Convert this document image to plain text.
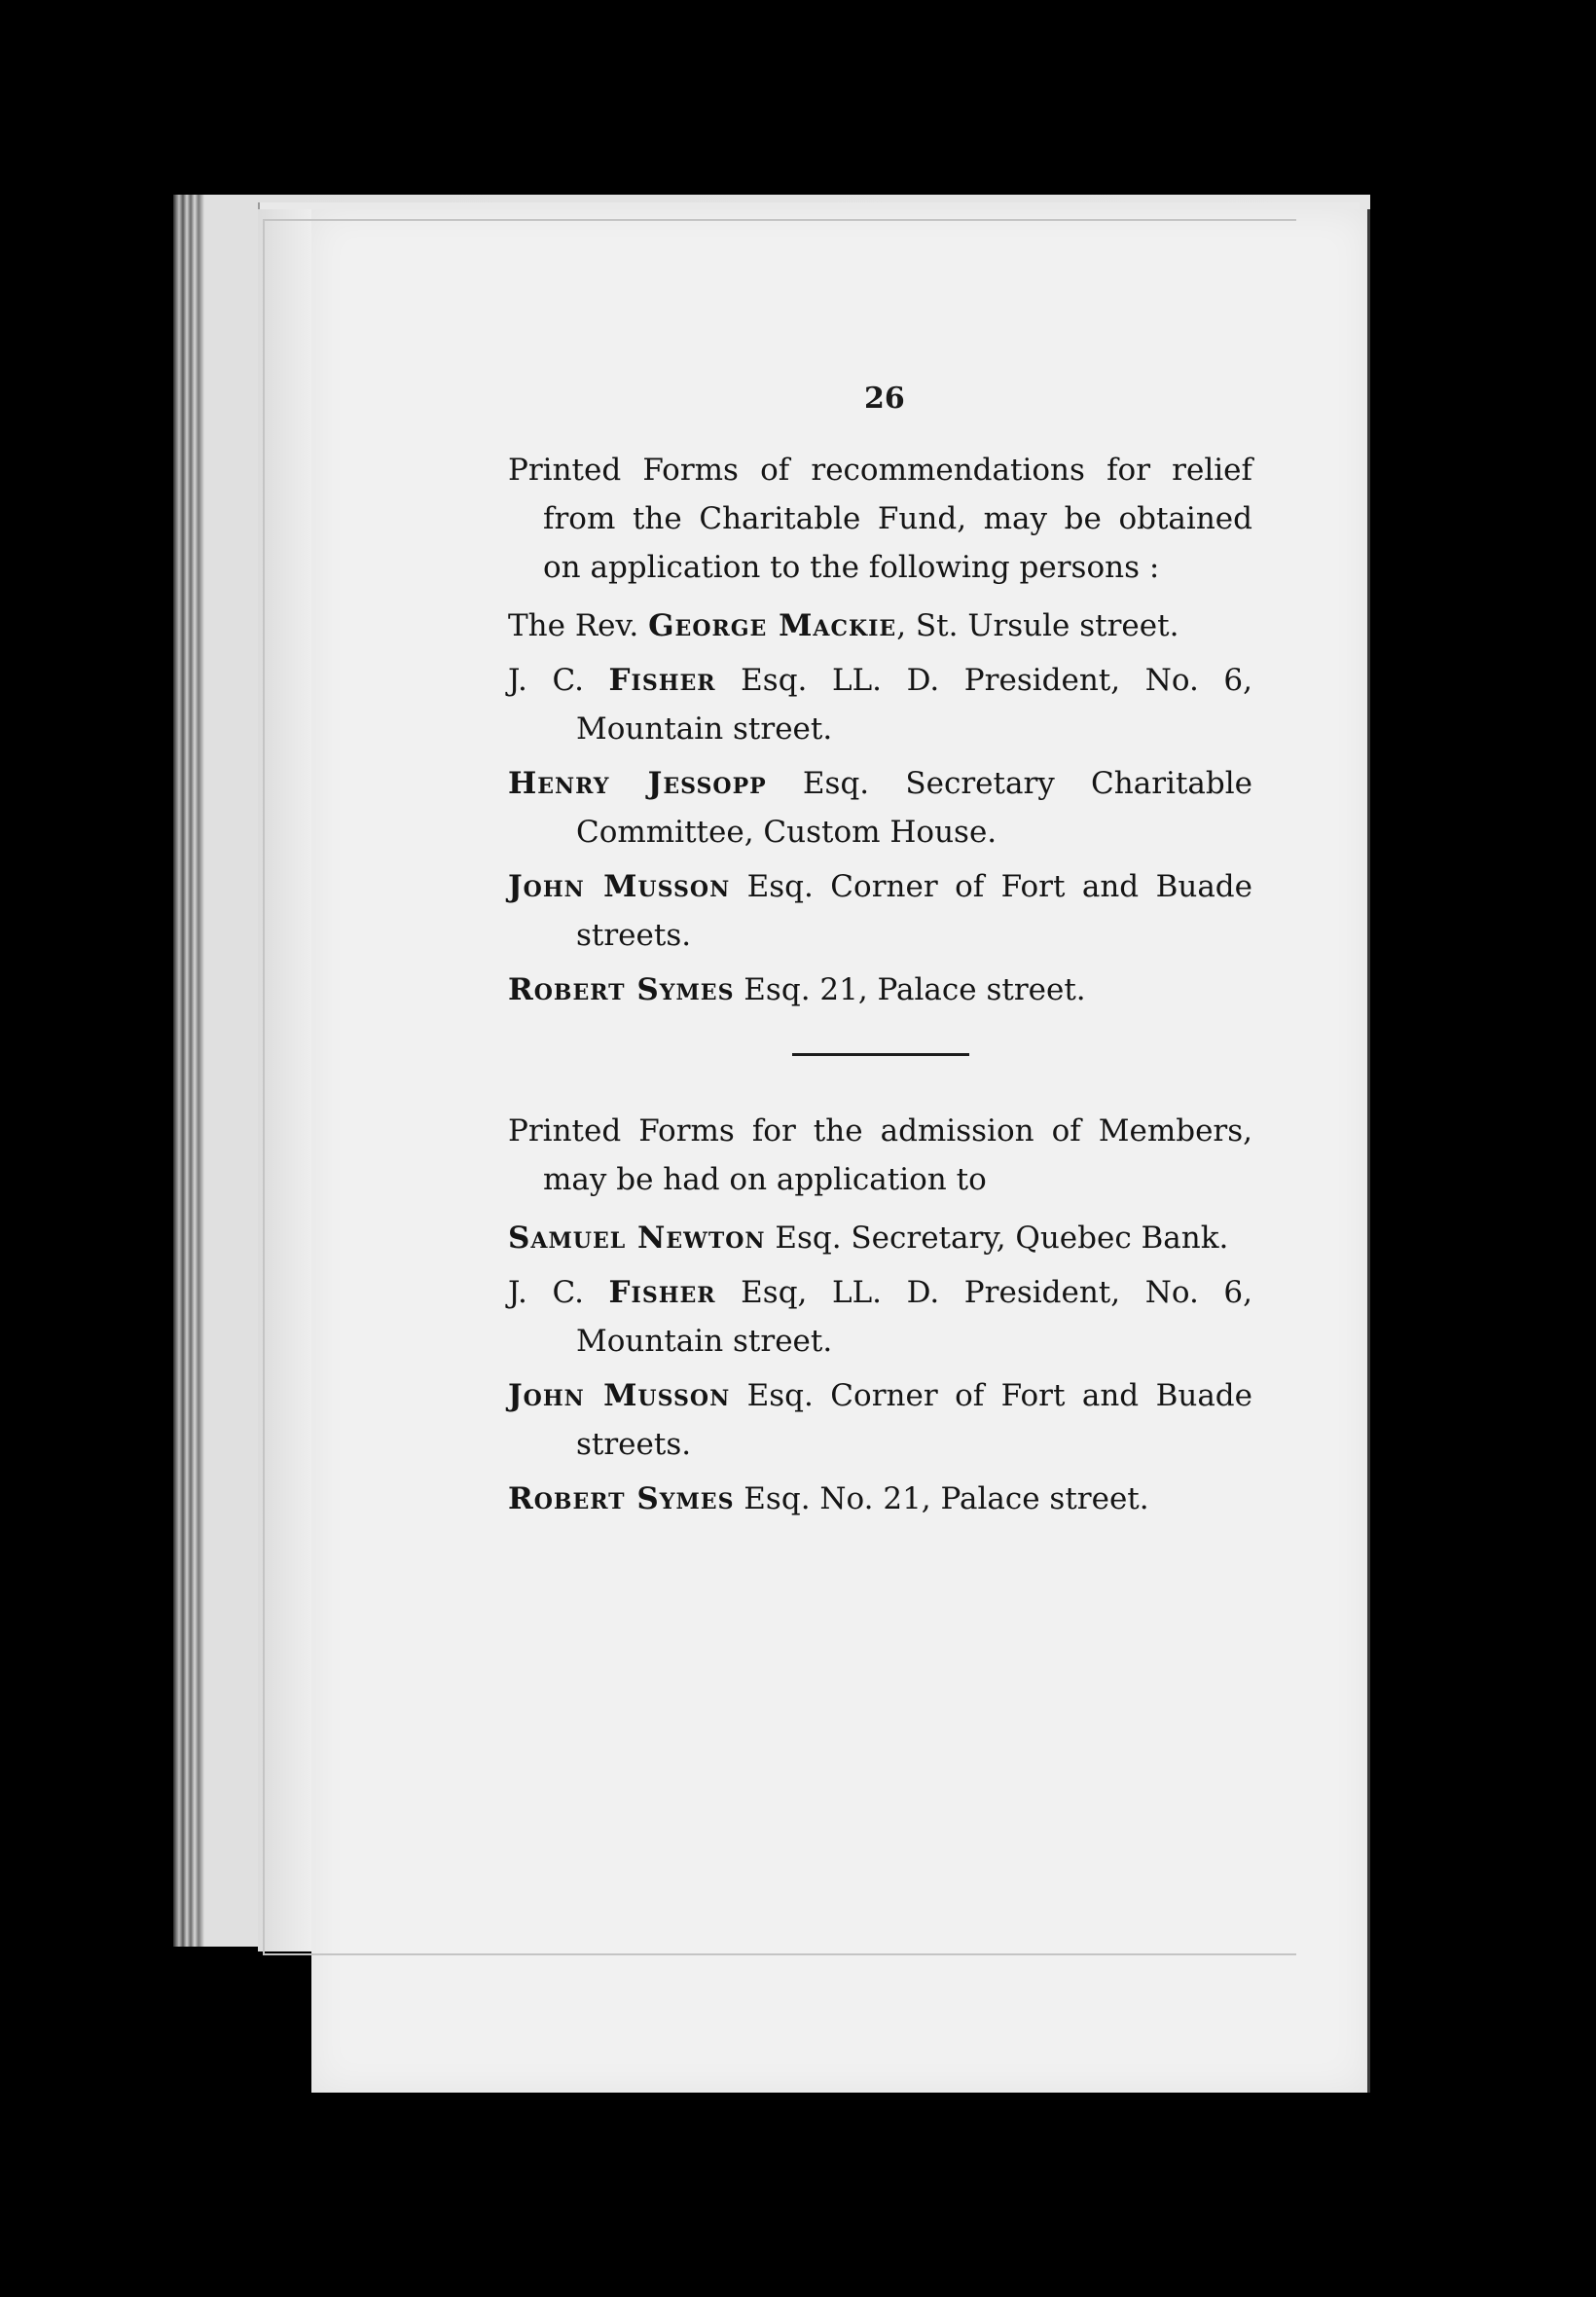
26

Printed Forms of recommendations for relief from the Charitable Fund, may be obtained on application to the following persons :

The Rev. George Mackie, St. Ursule street.

J. C. Fisher Esq. LL. D. President, No. 6, Mountain street.

Henry Jessopp Esq. Secretary Charitable Committee, Custom House.

John Musson Esq. Corner of Fort and Buade streets.

Robert Symes Esq. 21, Palace street.

Printed Forms for the admission of Members, may be had on application to

Samuel Newton Esq. Secretary, Quebec Bank.

J. C. Fisher Esq, LL. D. President, No. 6, Mountain street.

John Musson Esq. Corner of Fort and Buade streets.

Robert Symes Esq. No. 21, Palace street.
